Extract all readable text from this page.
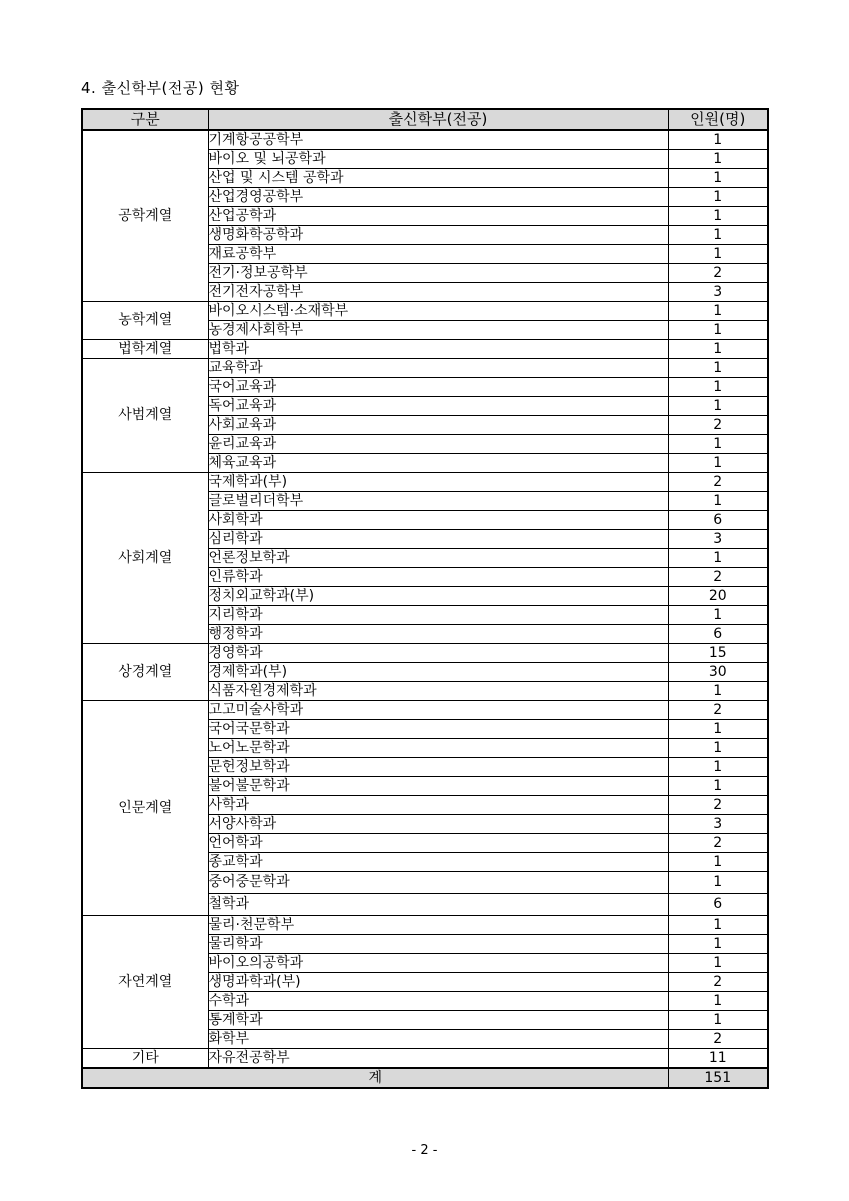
4. 출신학부(전공) 현황
구분	출신학부(전공)	인원(명)
공학계열	기계항공공학부	1
	바이오 및 뇌공학과	1
	산업 및 시스템 공학과	1
	산업경영공학부	1
	산업공학과	1
	생명화학공학과	1
	재료공학부	1
	전기·정보공학부	2
	전기전자공학부	3
농학계열	바이오시스템·소재학부	1
	농경제사회학부	1
법학계열	법학과	1
사범계열	교육학과	1
	국어교육과	1
	독어교육과	1
	사회교육과	2
	윤리교육과	1
	체육교육과	1
사회계열	국제학과(부)	2
	글로벌리더학부	1
	사회학과	6
	심리학과	3
	언론정보학과	1
	인류학과	2
	정치외교학과(부)	20
	지리학과	1
	행정학과	6
상경계열	경영학과	15
	경제학과(부)	30
	식품자원경제학과	1
인문계열	고고미술사학과	2
	국어국문학과	1
	노어노문학과	1
	문헌정보학과	1
	불어불문학과	1
	사학과	2
	서양사학과	3
	언어학과	2
	종교학과	1
	중어중문학과	1
	철학과	6
자연계열	물리·천문학부	1
	물리학과	1
	바이오의공학과	1
	생명과학과(부)	2
	수학과	1
	통계학과	1
	화학부	2
기타	자유전공학부	11
계		151
- 2 -
